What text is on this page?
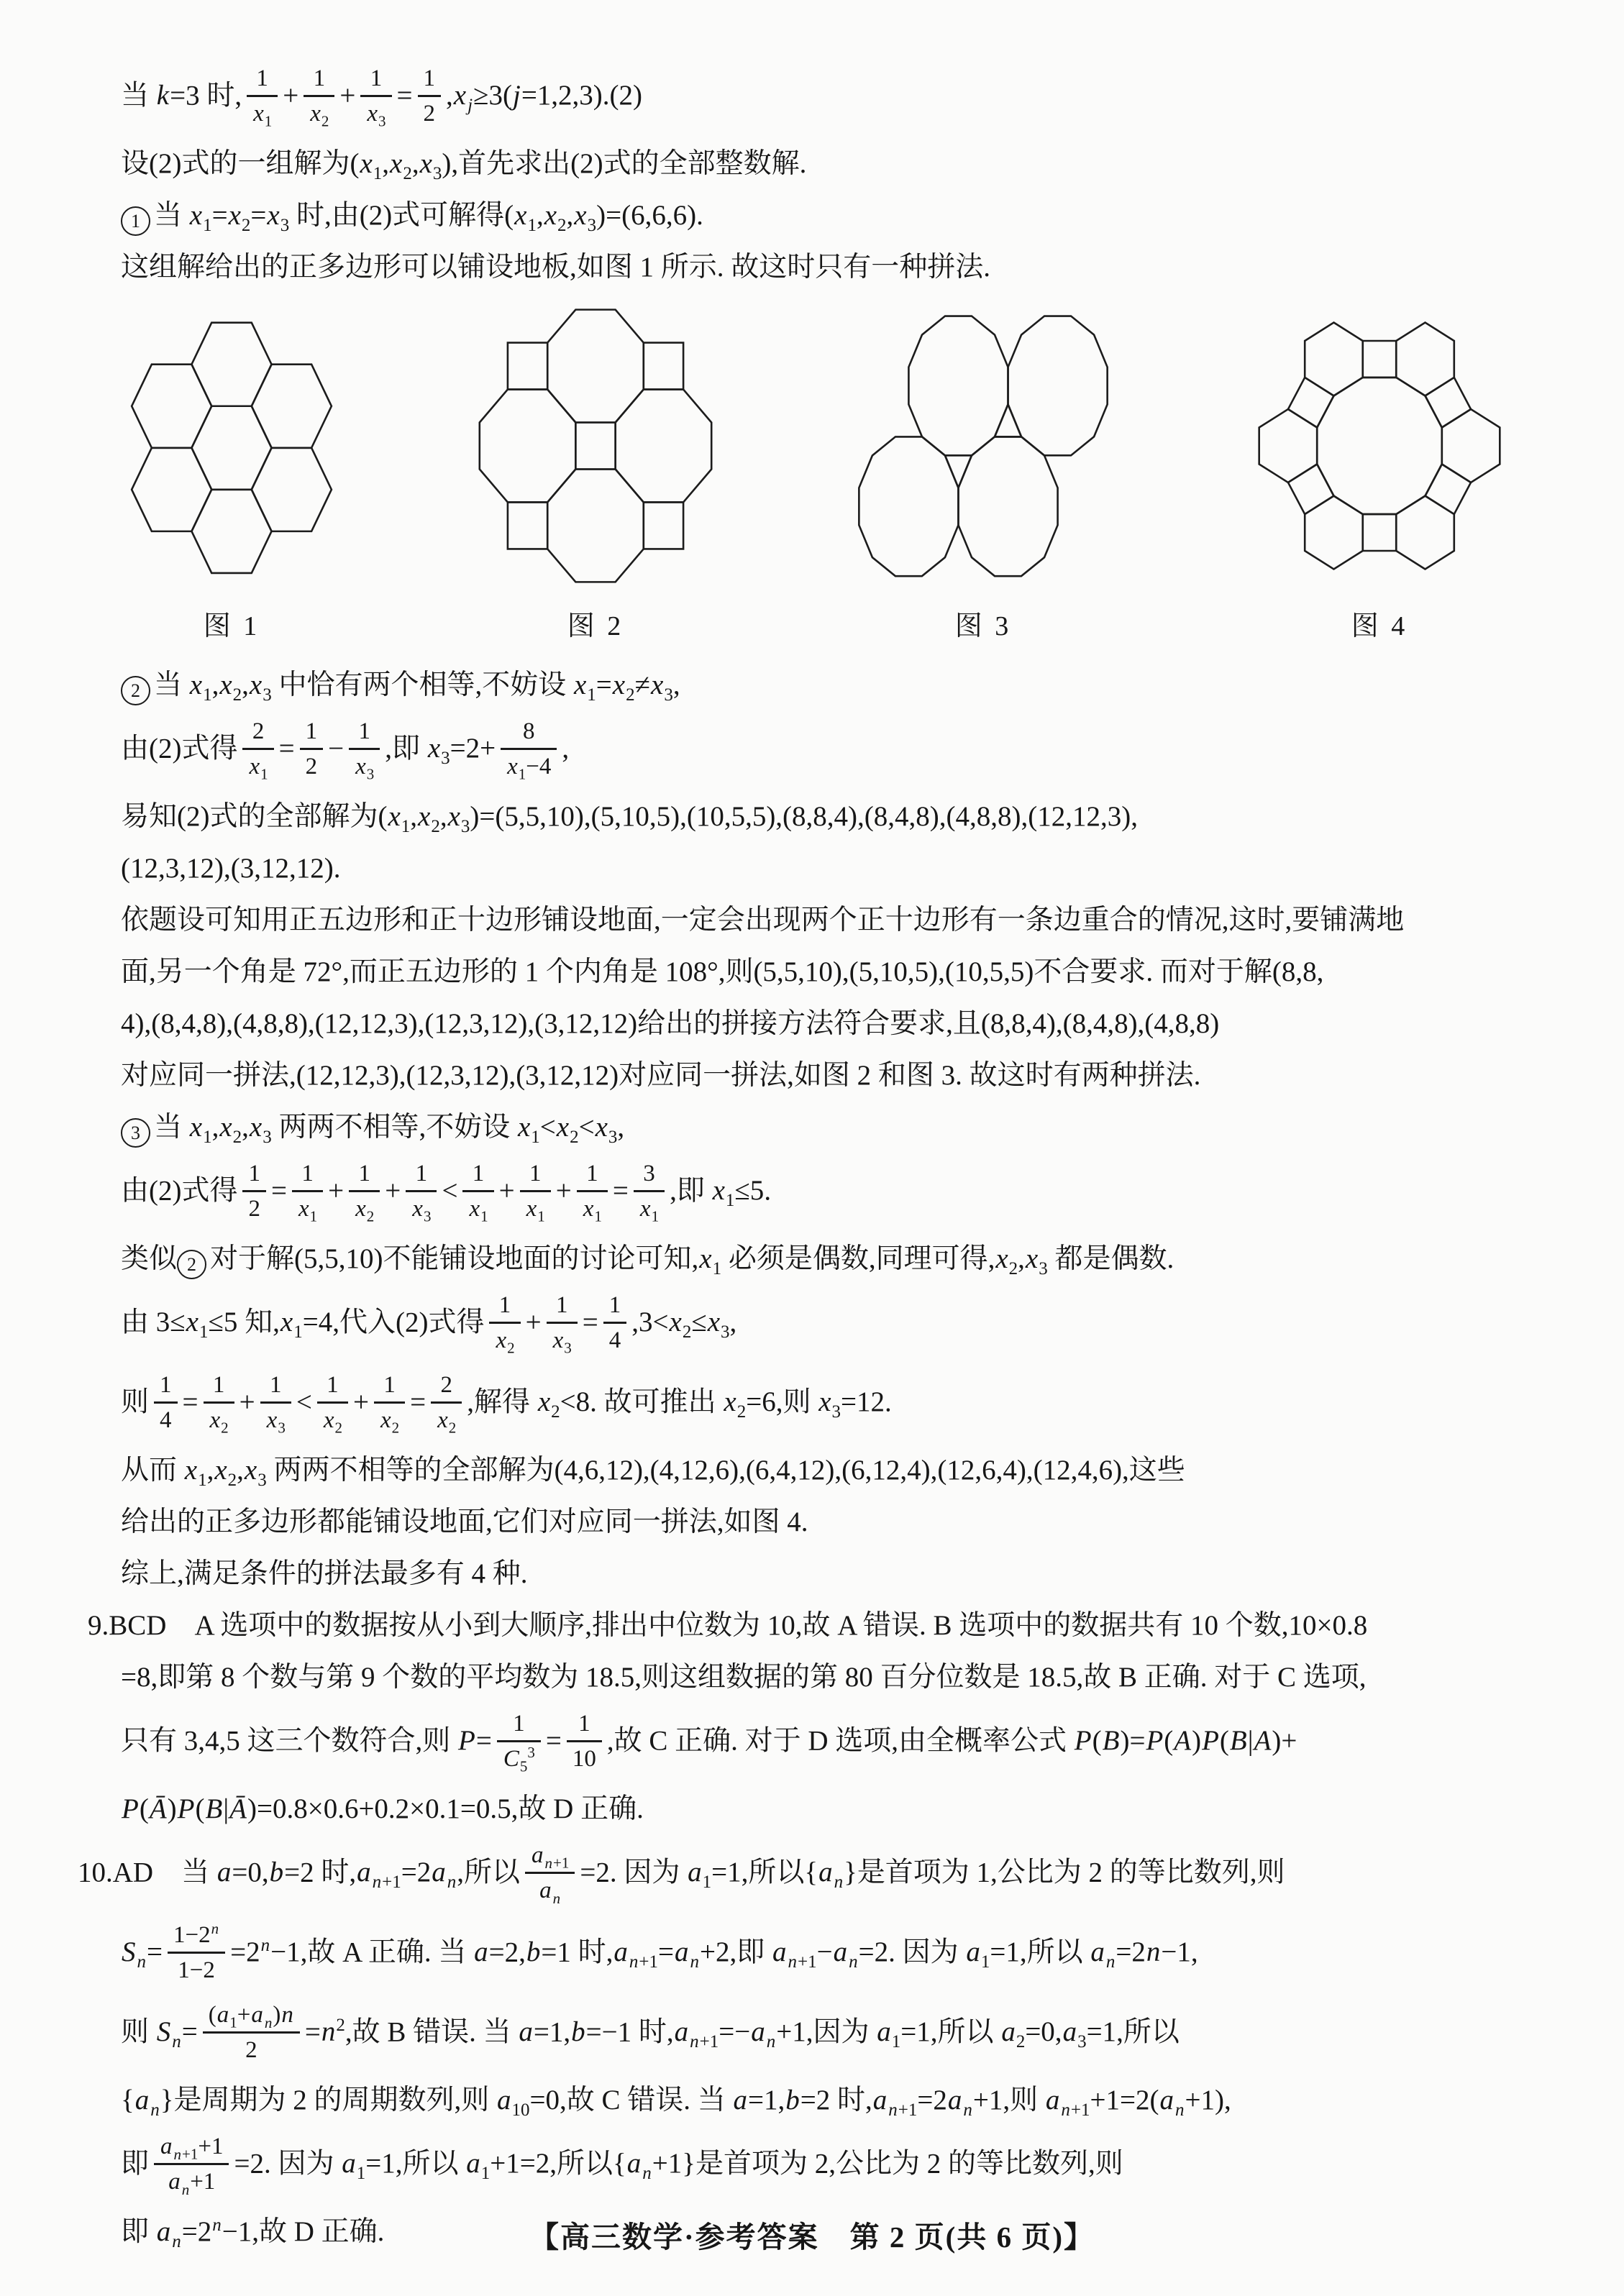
当 k=3 时, $\frac{1}{x_1} + \frac{1}{x_2} + \frac{1}{x_3} = \frac{1}{2} ,x_j\ge 3(j=1,2,3).(2)$
设(2)式的一组解为$(x_1,x_2,x_3)$,首先求出(2)式的全部整数解.
1 当 $x_1=x_2=x_3$ 时,由(2)式可解得$(x_1,x_2,x_3)=(6,6,6)$.
这组解给出的正多边形可以铺设地板,如图 1 所示. 故这时只有一种拼法.
图 1	图 2	图 3	图 4
2 当 $x_1,x_2,x_3$ 中恰有两个相等,不妨设 $x_1=x_2\ne x_3$,
由(2)式得 $\frac{2}{x_1} = \frac{1}{2} - \frac{1}{x_3}$ ,即 $x_3=2+ \frac{8}{x_1-4}$ ,
易知(2)式的全部解为$(x_1,x_2,x_3)=(5,5,10),(5,10,5),(10,5,5),(8,8,4),(8,4,8),(4,8,8),(12,12,3)$,
(12,3,12),(3,12,12).
依题设可知用正五边形和正十边形铺设地面,一定会出现两个正十边形有一条边重合的情况,这时,要铺满地
面,另一个角是 72°,而正五边形的 1 个内角是 108°,则(5,5,10),(5,10,5),(10,5,5)不合要求. 而对于解(8,8,
4),(8,4,8),(4,8,8),(12,12,3),(12,3,12),(3,12,12)给出的拼接方法符合要求,且(8,8,4),(8,4,8),(4,8,8)
对应同一拼法,(12,12,3),(12,3,12),(3,12,12)对应同一拼法,如图 2 和图 3. 故这时有两种拼法.
3 当 $x_1,x_2,x_3$ 两两不相等,不妨设 $x_1<x_2<x_3$,
由(2)式得 $\frac{1}{2} = \frac{1}{x_1} + \frac{1}{x_2} + \frac{1}{x_3} < \frac{1}{x_1} + \frac{1}{x_1} + \frac{1}{x_1} = \frac{3}{x_1}$ ,即 $x_1\le 5$.
类似 2 对于解(5,5,10)不能铺设地面的讨论可知$,x_1$ 必须是偶数,同理可得$,x_2,x_3$ 都是偶数.
由 $3\le x_1\le 5$ 知$,x_1=4$,代入(2)式得 $\frac{1}{x_2} + \frac{1}{x_3} = \frac{1}{4} ,3<x_2\le x_3$,
则 $\frac{1}{4} = \frac{1}{x_2} + \frac{1}{x_3} < \frac{1}{x_2} + \frac{1}{x_2} = \frac{2}{x_2}$ ,解得 $x_2<8$. 故可推出 $x_2=6$,则 $x_3=12$.
从而 $x_1,x_2,x_3$ 两两不相等的全部解为(4,6,12),(4,12,6),(6,4,12),(6,12,4),(12,6,4),(12,4,6),这些
给出的正多边形都能铺设地面,它们对应同一拼法,如图 4.
综上,满足条件的拼法最多有 4 种.
9.BCD　A 选项中的数据按从小到大顺序,排出中位数为 10,故 A 错误. B 选项中的数据共有 10 个数,10×0.8
=8,即第 8 个数与第 9 个数的平均数为 18.5,则这组数据的第 80 百分位数是 18.5,故 B 正确. 对于 C 选项,
只有 3,4,5 这三个数符合,则 $P= \frac{1}{C_5^3} = \frac{1}{10}$ ,故 C 正确. 对于 D 选项,由全概率公式 P(B)=P(A)P(B|A)+
P(Ā)P(B|Ā)=0.8×0.6+0.2×0.1=0.5,故 D 正确.
10.AD　当 a=0,b=2 时$,a_{n+1}=2a_n$,所以 $\frac{a_{n+1}}{a_n} =2$. 因为 $a_1=1$,所以$\{a_n\}$是首项为 1,公比为 2 的等比数列,则
$S_n= \frac{1-2^n}{1-2} =2^n-1$,故 A 正确. 当 a=2,b=1 时$,a_{n+1}=a_n+2$,即 $a_{n+1}-a_n=2$. 因为 $a_1=1$,所以 $a_n=2n-1$,
则 $S_n= \frac{(a_1+a_n)n}{2} =n^2$,故 B 错误. 当 a=1,b=−1 时$,a_{n+1}=-a_n+1$,因为 $a_1=1$,所以 $a_2=0,a_3=1$,所以
$\{a_n\}$是周期为 2 的周期数列,则 $a_{10}=0$,故 C 错误. 当 a=1,b=2 时$,a_{n+1}=2a_n+1$,则 $a_{n+1}+1=2(a_n+1)$,
即 $\frac{a_{n+1}+1}{a_n+1} =2$. 因为 $a_1=1$,所以 $a_1+1=2$,所以$\{a_n+1\}$是首项为 2,公比为 2 的等比数列,则
即 $a_n=2^n-1$,故 D 正确.	【高三数学·参考答案　第 2 页(共 6 页)】
